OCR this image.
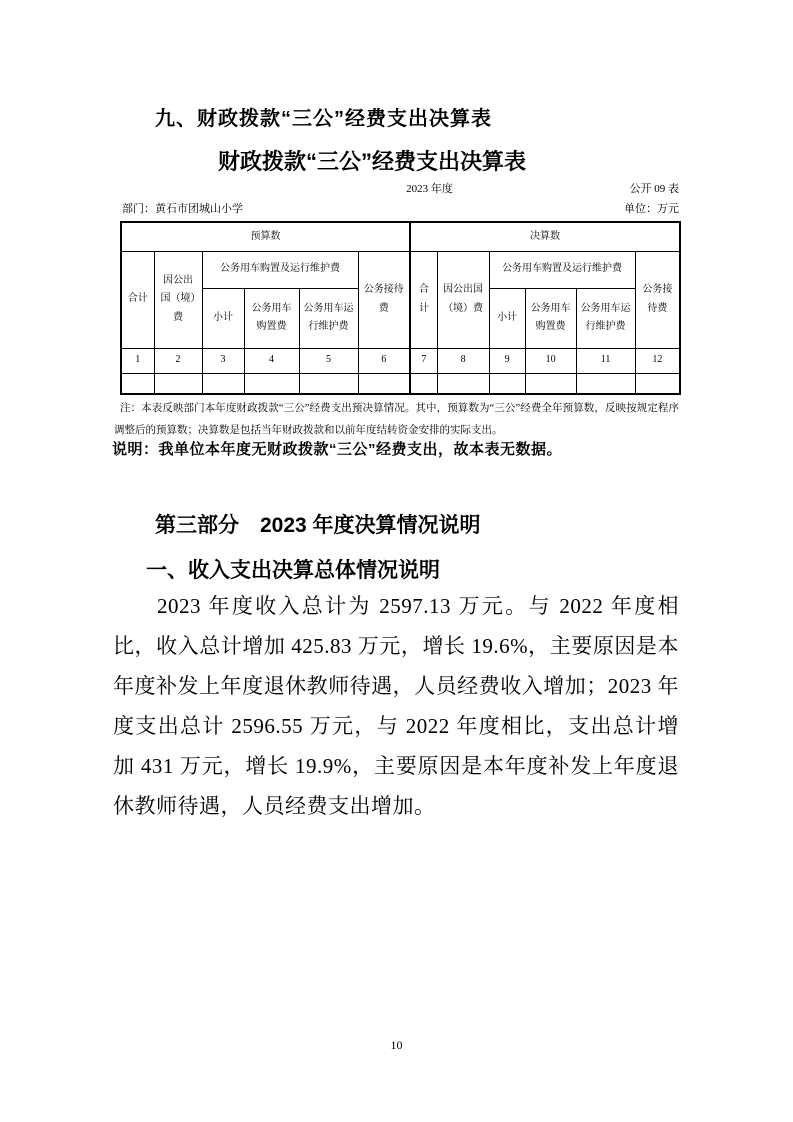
九、财政拨款“三公”经费支出决算表
财政拨款“三公”经费支出决算表
2023 年度	公开 09 表
部门：黄石市团城山小学	单位：万元
预算数						决算数					
合计	因公出国（境）费	公务用车购置及运行维护费			公务接待费	合计	因公出国（境）费	公务用车购置及运行维护费			公务接待费
		小计	公务用车购置费	公务用车运行维护费				小计	公务用车购置费	公务用车运行维护费	
1	2	3	4	5	6	7	8	9	10	11	12

注：本表反映部门本年度财政拨款“三公”经费支出预决算情况。其中，预算数为“三公”经费全年预算数，反映按规定程序调整后的预算数；决算数是包括当年财政拨款和以前年度结转资金安排的实际支出。
说明：我单位本年度无财政拨款“三公”经费支出，故本表无数据。
第三部分　2023 年度决算情况说明
一、收入支出决算总体情况说明
2023 年度收入总计为 2597.13 万元。与 2022 年度相比，收入总计增加 425.83 万元，增长 19.6%，主要原因是本年度补发上年度退休教师待遇，人员经费收入增加；2023 年度支出总计 2596.55 万元，与 2022 年度相比，支出总计增加 431 万元，增长 19.9%，主要原因是本年度补发上年度退休教师待遇，人员经费支出增加。
10
